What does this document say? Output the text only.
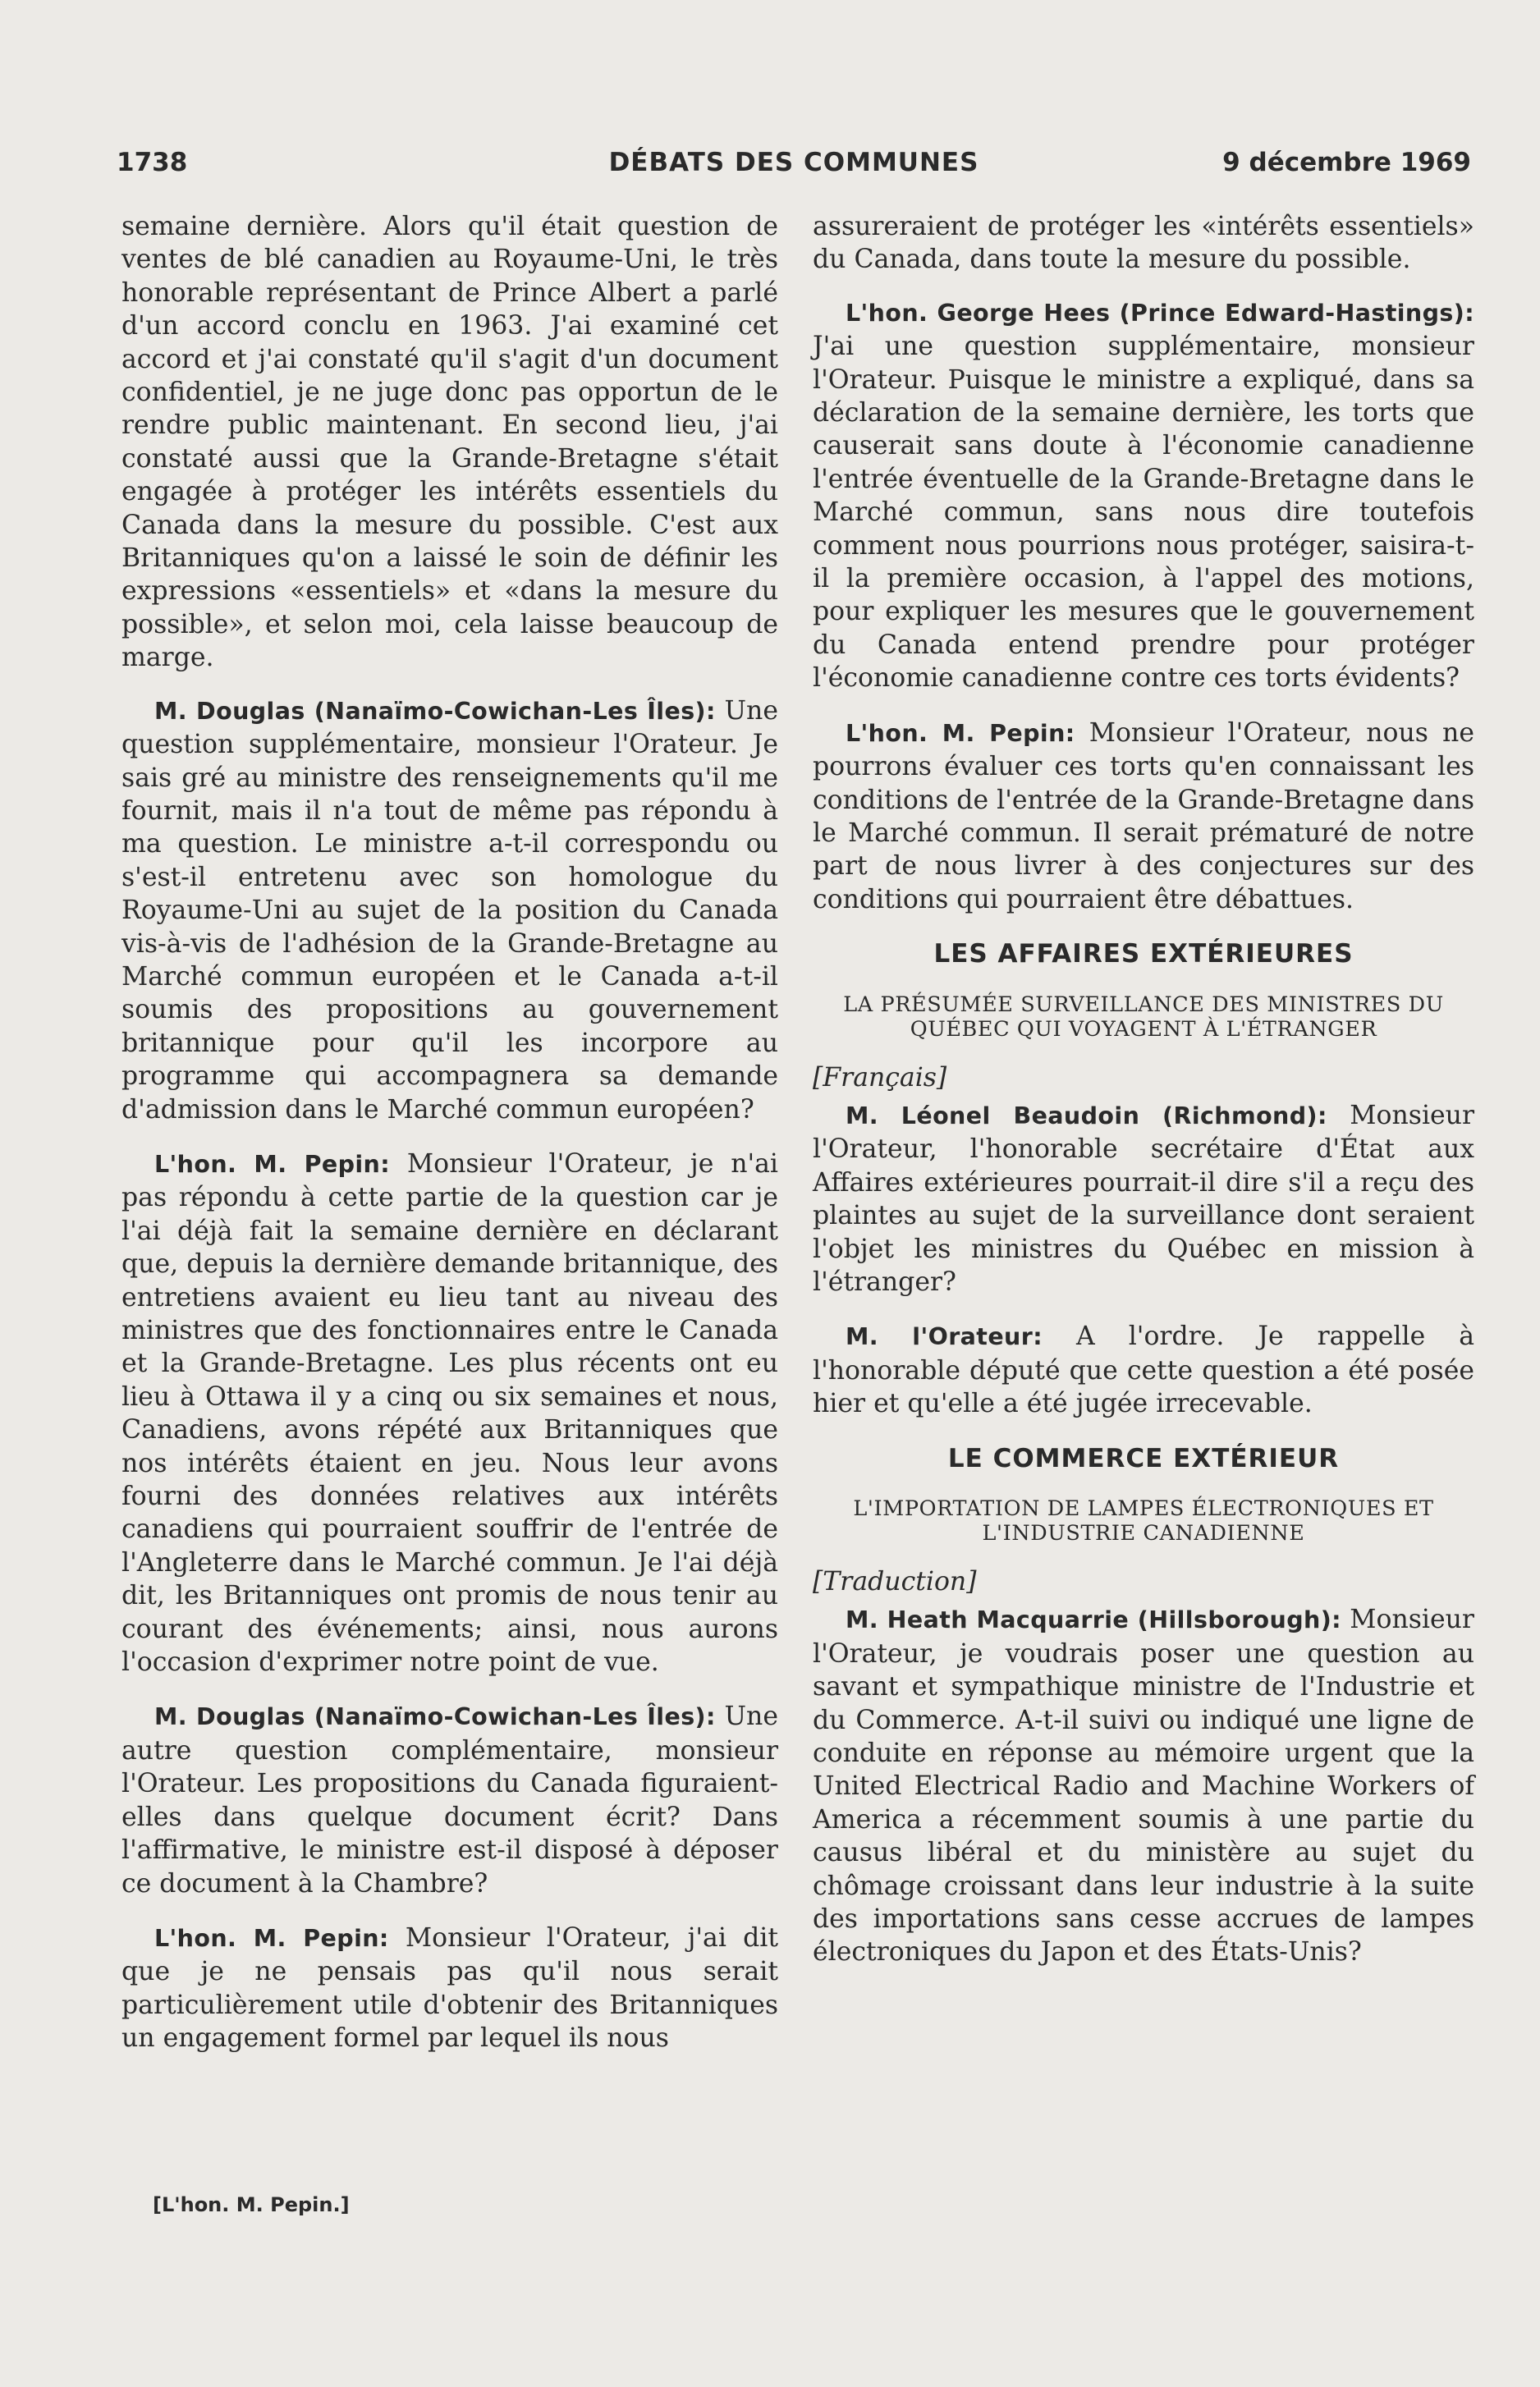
1738	DÉBATS DES COMMUNES	9 décembre 1969

semaine dernière. Alors qu'il était question de ventes de blé canadien au Royaume-Uni, le très honorable représentant de Prince Albert a parlé d'un accord conclu en 1963. J'ai examiné cet accord et j'ai constaté qu'il s'agit d'un document confidentiel, je ne juge donc pas opportun de le rendre public maintenant. En second lieu, j'ai constaté aussi que la Grande-Bretagne s'était engagée à protéger les intérêts essentiels du Canada dans la mesure du possible. C'est aux Britanniques qu'on a laissé le soin de définir les expressions «essentiels» et «dans la mesure du possible», et selon moi, cela laisse beaucoup de marge.

M. Douglas (Nanaïmo-Cowichan-Les Îles): Une question supplémentaire, monsieur l'Orateur. Je sais gré au ministre des renseignements qu'il me fournit, mais il n'a tout de même pas répondu à ma question. Le ministre a-t-il correspondu ou s'est-il entretenu avec son homologue du Royaume-Uni au sujet de la position du Canada vis-à-vis de l'adhésion de la Grande-Bretagne au Marché commun européen et le Canada a-t-il soumis des propositions au gouvernement britannique pour qu'il les incorpore au programme qui accompagnera sa demande d'admission dans le Marché commun européen?

L'hon. M. Pepin: Monsieur l'Orateur, je n'ai pas répondu à cette partie de la question car je l'ai déjà fait la semaine dernière en déclarant que, depuis la dernière demande britannique, des entretiens avaient eu lieu tant au niveau des ministres que des fonctionnaires entre le Canada et la Grande-Bretagne. Les plus récents ont eu lieu à Ottawa il y a cinq ou six semaines et nous, Canadiens, avons répété aux Britanniques que nos intérêts étaient en jeu. Nous leur avons fourni des données relatives aux intérêts canadiens qui pourraient souffrir de l'entrée de l'Angleterre dans le Marché commun. Je l'ai déjà dit, les Britanniques ont promis de nous tenir au courant des événements; ainsi, nous aurons l'occasion d'exprimer notre point de vue.

M. Douglas (Nanaïmo-Cowichan-Les Îles): Une autre question complémentaire, monsieur l'Orateur. Les propositions du Canada figuraient-elles dans quelque document écrit? Dans l'affirmative, le ministre est-il disposé à déposer ce document à la Chambre?

L'hon. M. Pepin: Monsieur l'Orateur, j'ai dit que je ne pensais pas qu'il nous serait particulièrement utile d'obtenir des Britanniques un engagement formel par lequel ils nous

[L'hon. M. Pepin.]

assureraient de protéger les «intérêts essentiels» du Canada, dans toute la mesure du possible.

L'hon. George Hees (Prince Edward-Hastings): J'ai une question supplémentaire, monsieur l'Orateur. Puisque le ministre a expliqué, dans sa déclaration de la semaine dernière, les torts que causerait sans doute à l'économie canadienne l'entrée éventuelle de la Grande-Bretagne dans le Marché commun, sans nous dire toutefois comment nous pourrions nous protéger, saisira-t-il la première occasion, à l'appel des motions, pour expliquer les mesures que le gouvernement du Canada entend prendre pour protéger l'économie canadienne contre ces torts évidents?

L'hon. M. Pepin: Monsieur l'Orateur, nous ne pourrons évaluer ces torts qu'en connaissant les conditions de l'entrée de la Grande-Bretagne dans le Marché commun. Il serait prématuré de notre part de nous livrer à des conjectures sur des conditions qui pourraient être débattues.

LES AFFAIRES EXTÉRIEURES
LA PRÉSUMÉE SURVEILLANCE DES MINISTRES DU QUÉBEC QUI VOYAGENT À L'ÉTRANGER
[Français]

M. Léonel Beaudoin (Richmond): Monsieur l'Orateur, l'honorable secrétaire d'État aux Affaires extérieures pourrait-il dire s'il a reçu des plaintes au sujet de la surveillance dont seraient l'objet les ministres du Québec en mission à l'étranger?

M. l'Orateur: A l'ordre. Je rappelle à l'honorable député que cette question a été posée hier et qu'elle a été jugée irrecevable.

LE COMMERCE EXTÉRIEUR
L'IMPORTATION DE LAMPES ÉLECTRONIQUES ET L'INDUSTRIE CANADIENNE
[Traduction]

M. Heath Macquarrie (Hillsborough): Monsieur l'Orateur, je voudrais poser une question au savant et sympathique ministre de l'Industrie et du Commerce. A-t-il suivi ou indiqué une ligne de conduite en réponse au mémoire urgent que la United Electrical Radio and Machine Workers of America a récemment soumis à une partie du causus libéral et du ministère au sujet du chômage croissant dans leur industrie à la suite des importations sans cesse accrues de lampes électroniques du Japon et des États-Unis?
